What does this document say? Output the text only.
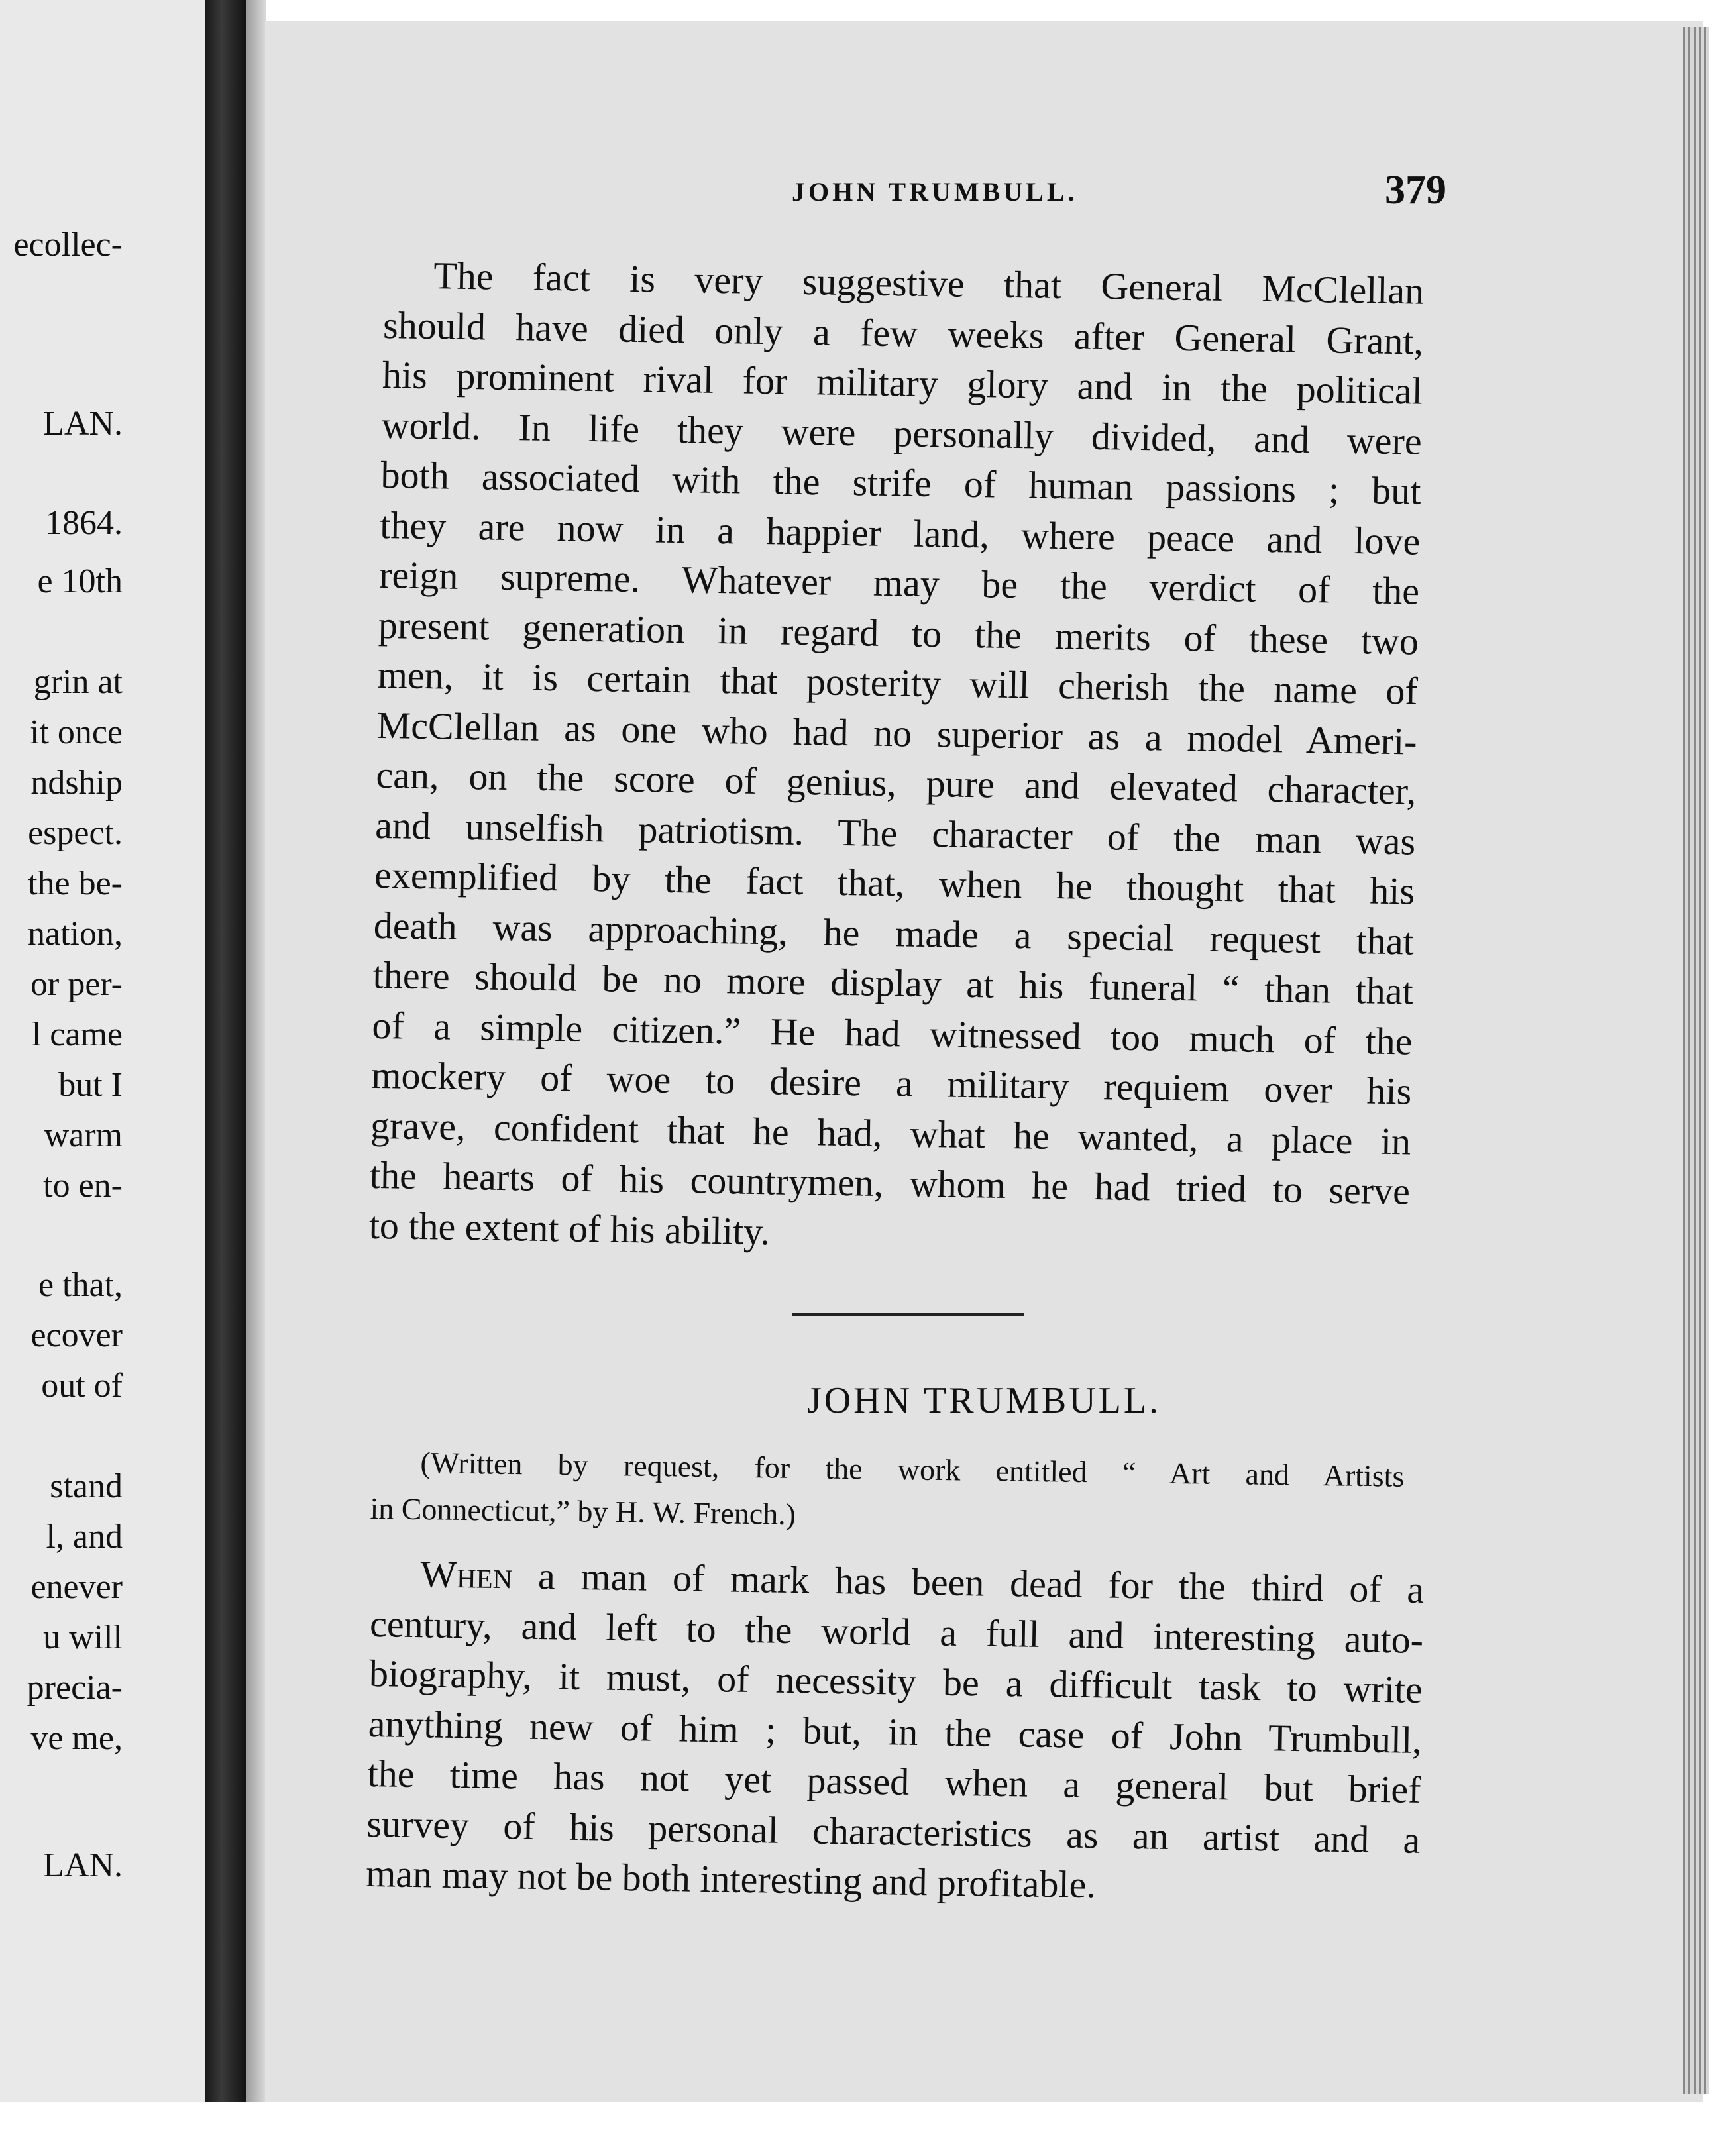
ecollec-
LAN.
1864.
e 10th
grin at
it once
ndship
espect.
the be-
nation,
or per-
l came
but I
warm
to en-
e that,
ecover
out of
stand
l, and
enever
u will
precia-
ve me,
LAN.
JOHN TRUMBULL.	379
The fact is very suggestive that General McClellan
should have died only a few weeks after General Grant,
his prominent rival for military glory and in the political
world. In life they were personally divided, and were
both associated with the strife of human passions ; but
they are now in a happier land, where peace and love
reign supreme. Whatever may be the verdict of the
present generation in regard to the merits of these two
men, it is certain that posterity will cherish the name of
McClellan as one who had no superior as a model Ameri-
can, on the score of genius, pure and elevated character,
and unselfish patriotism. The character of the man was
exemplified by the fact that, when he thought that his
death was approaching, he made a special request that
there should be no more display at his funeral “ than that
of a simple citizen.” He had witnessed too much of the
mockery of woe to desire a military requiem over his
grave, confident that he had, what he wanted, a place in
the hearts of his countrymen, whom he had tried to serve
to the extent of his ability.
JOHN TRUMBULL.
(Written by request, for the work entitled “ Art and Artists
in Connecticut,” by H. W. French.)
When a man of mark has been dead for the third of a
century, and left to the world a full and interesting auto-
biography, it must, of necessity be a difficult task to write
anything new of him ; but, in the case of John Trumbull,
the time has not yet passed when a general but brief
survey of his personal characteristics as an artist and a
man may not be both interesting and profitable.
